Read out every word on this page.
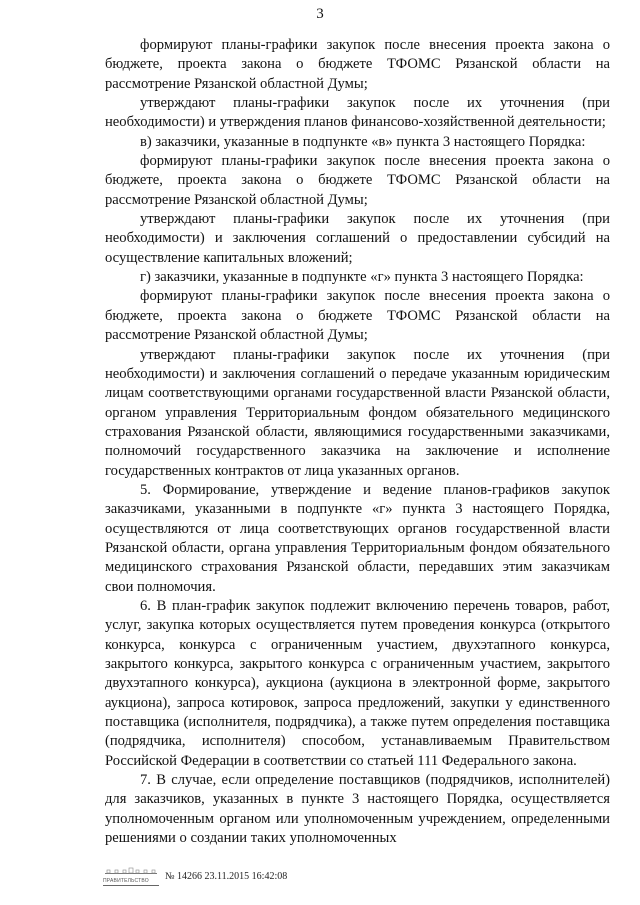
3

формируют планы-графики закупок после внесения проекта закона о бюджете, проекта закона о бюджете ТФОМС Рязанской области на рассмотрение Рязанской областной Думы;

утверждают планы-графики закупок после их уточнения (при необходимости) и утверждения планов финансово-хозяйственной деятельности;

в) заказчики, указанные в подпункте «в» пункта 3 настоящего Порядка:

формируют планы-графики закупок после внесения проекта закона о бюджете, проекта закона о бюджете ТФОМС Рязанской области на рассмотрение Рязанской областной Думы;

утверждают планы-графики закупок после их уточнения (при необходимости) и заключения соглашений о предоставлении субсидий на осуществление капитальных вложений;

г) заказчики, указанные в подпункте «г» пункта 3 настоящего Порядка:

формируют планы-графики закупок после внесения проекта закона о бюджете, проекта закона о бюджете ТФОМС Рязанской области на рассмотрение Рязанской областной Думы;

утверждают планы-графики закупок после их уточнения (при необходимости) и заключения соглашений о передаче указанным юридическим лицам соответствующими органами государственной власти Рязанской области, органом управления Территориальным фондом обязательного медицинского страхования Рязанской области, являющимися государственными заказчиками, полномочий государственного заказчика на заключение и исполнение государственных контрактов от лица указанных органов.

5. Формирование, утверждение и ведение планов-графиков закупок заказчиками, указанными в подпункте «г» пункта 3 настоящего Порядка, осуществляются от лица соответствующих органов государственной власти Рязанской области, органа управления Территориальным фондом обязательного медицинского страхования Рязанской области, передавших этим заказчикам свои полномочия.

6. В план-график закупок подлежит включению перечень товаров, работ, услуг, закупка которых осуществляется путем проведения конкурса (открытого конкурса, конкурса с ограниченным участием, двухэтапного конкурса, закрытого конкурса, закрытого конкурса с ограниченным участием, закрытого двухэтапного конкурса), аукциона (аукциона в электронной форме, закрытого аукциона), запроса котировок, запроса предложений, закупки у единственного поставщика (исполнителя, подрядчика), а также путем определения поставщика (подрядчика, исполнителя) способом, устанавливаемым Правительством Российской Федерации в соответствии со статьей 111 Федерального закона.

7. В случае, если определение поставщиков (подрядчиков, исполнителей) для заказчиков, указанных в пункте 3 настоящего Порядка, осуществляется уполномоченным органом или уполномоченным учреждением, определенными решениями о создании таких уполномоченных

ПРАВИТЕЛЬСТВО	№ 14266 23.11.2015 16:42:08
